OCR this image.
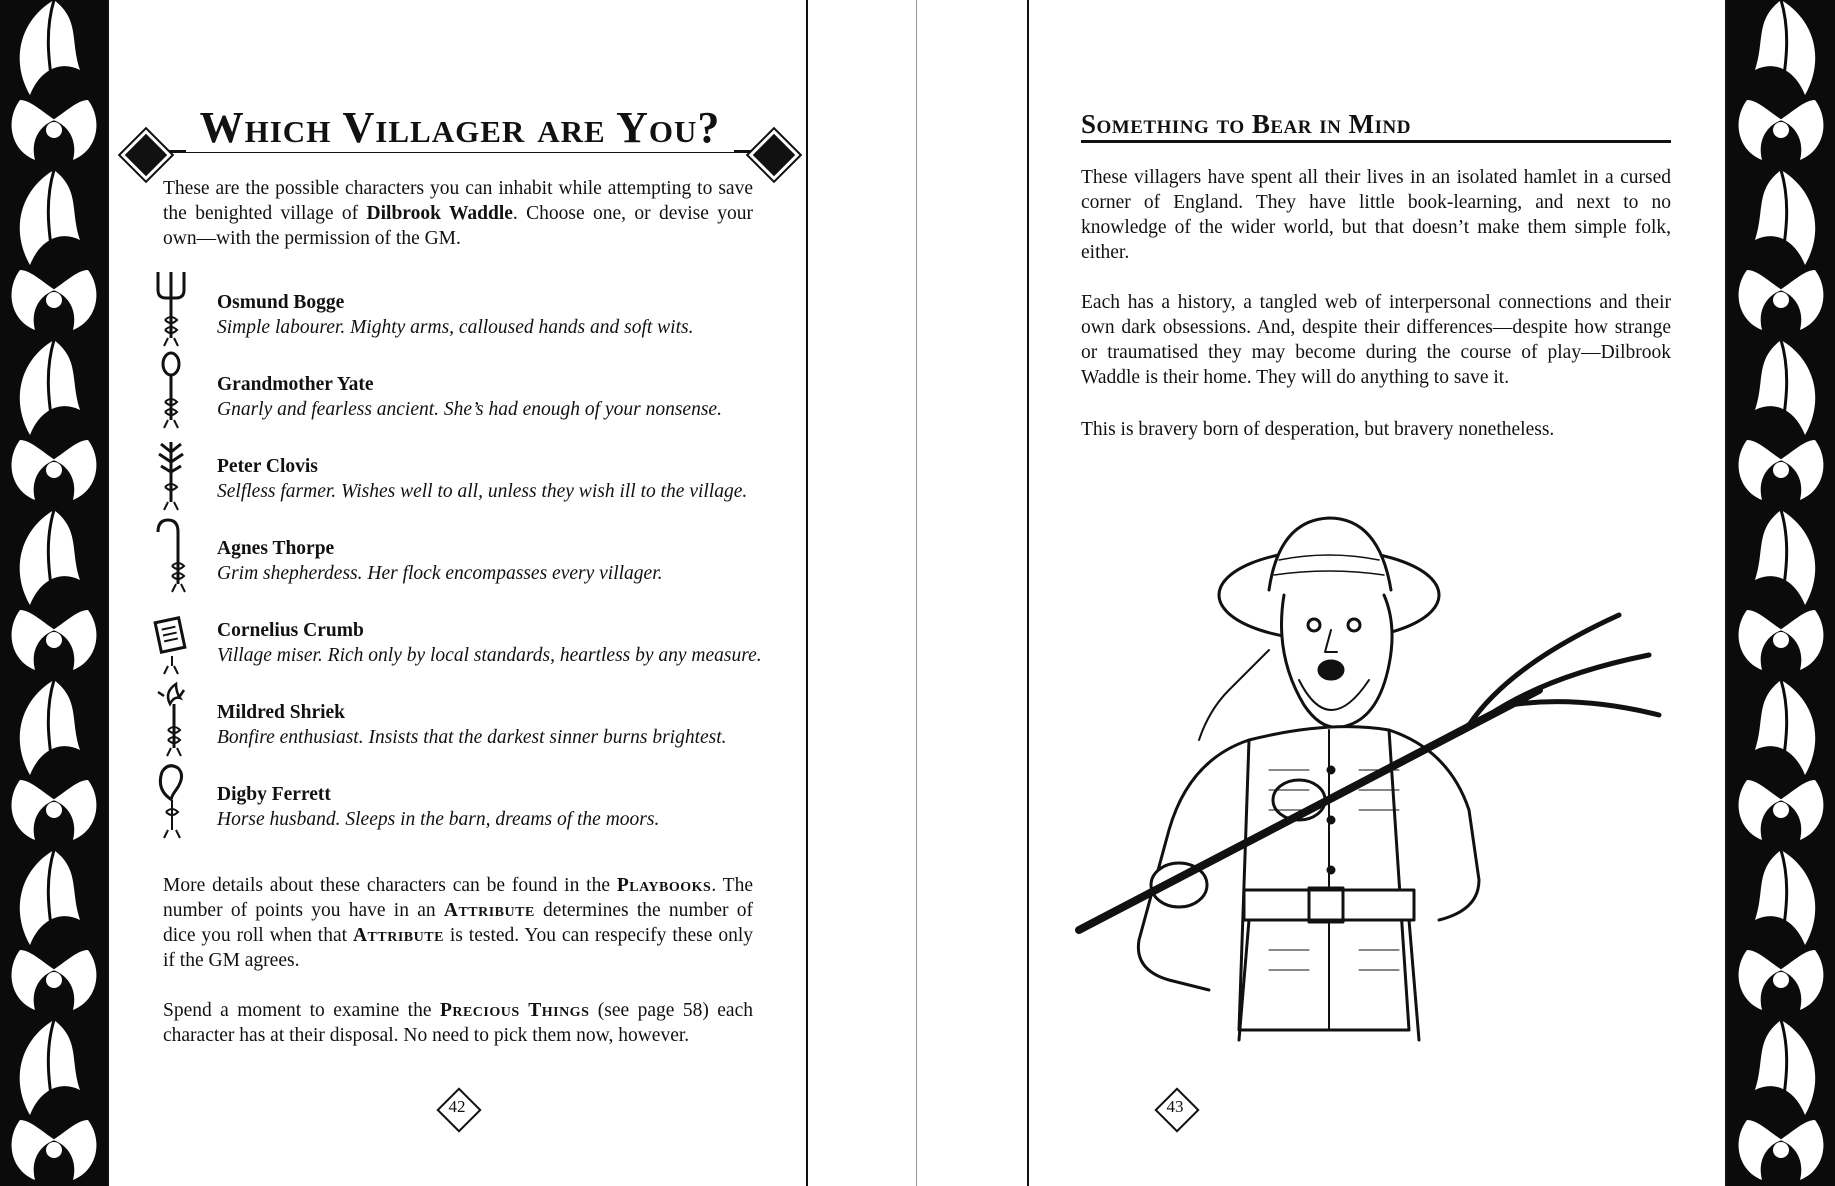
Which Villager are You?
These are the possible characters you can inhabit while attempting to save the benighted village of Dilbrook Waddle. Choose one, or devise your own—with the permission of the GM.
Osmund Bogge
Simple labourer. Mighty arms, calloused hands and soft wits.
Grandmother Yate
Gnarly and fearless ancient. She’s had enough of your nonsense.
Peter Clovis
Selfless farmer. Wishes well to all, unless they wish ill to the village.
Agnes Thorpe
Grim shepherdess. Her flock encompasses every villager.
Cornelius Crumb
Village miser. Rich only by local standards, heartless by any measure.
Mildred Shriek
Bonfire enthusiast. Insists that the darkest sinner burns brightest.
Digby Ferrett
Horse husband. Sleeps in the barn, dreams of the moors.
More details about these characters can be found in the Playbooks. The number of points you have in an Attribute determines the number of dice you roll when that Attribute is tested. You can respecify these only if the GM agrees.
Spend a moment to examine the Precious Things (see page 58) each character has at their disposal. No need to pick them now, however.
42
Something to Bear in Mind
These villagers have spent all their lives in an isolated hamlet in a cursed corner of England. They have little book-learning, and next to no knowledge of the wider world, but that doesn’t make them simple folk, either.
Each has a history, a tangled web of interpersonal connections and their own dark obsessions. And, despite their differences—despite how strange or traumatised they may become during the course of play—Dilbrook Waddle is their home. They will do anything to save it.
This is bravery born of desperation, but bravery nonetheless.
43
